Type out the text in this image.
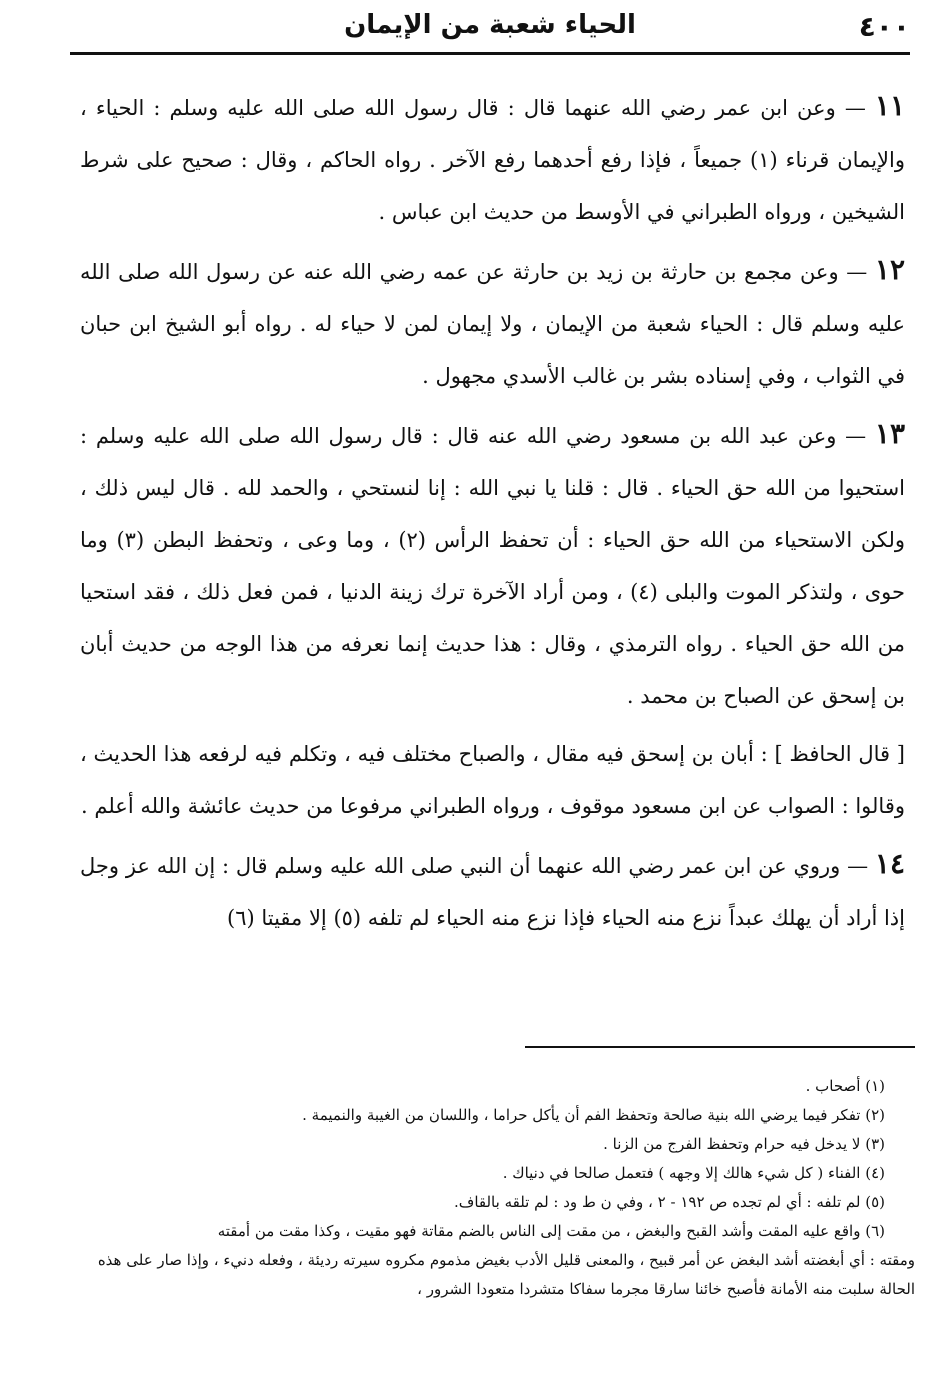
٤٠٠
الحياء شعبة من الإيمان

١١ — وعن ابن عمر رضي الله عنهما قال : قال رسول الله صلى الله عليه وسلم : الحياء ، والإيمان قرناء (١) جميعاً ، فإذا رفع أحدهما رفع الآخر . رواه الحاكم ، وقال : صحيح على شرط الشيخين ، ورواه الطبراني في الأوسط من حديث ابن عباس .

١٢ — وعن مجمع بن حارثة بن زيد بن حارثة عن عمه رضي الله عنه عن رسول الله صلى الله عليه وسلم قال : الحياء شعبة من الإيمان ، ولا إيمان لمن لا حياء له . رواه أبو الشيخ ابن حبان في الثواب ، وفي إسناده بشر بن غالب الأسدي مجهول .

١٣ — وعن عبد الله بن مسعود رضي الله عنه قال : قال رسول الله صلى الله عليه وسلم : استحيوا من الله حق الحياء . قال : قلنا يا نبي الله : إنا لنستحي ، والحمد لله . قال ليس ذلك ، ولكن الاستحياء من الله حق الحياء : أن تحفظ الرأس (٢) ، وما وعى ، وتحفظ البطن (٣) وما حوى ، ولتذكر الموت والبلى (٤) ، ومن أراد الآخرة ترك زينة الدنيا ، فمن فعل ذلك ، فقد استحيا من الله حق الحياء . رواه الترمذي ، وقال : هذا حديث إنما نعرفه من هذا الوجه من حديث أبان بن إسحق عن الصباح بن محمد .

[ قال الحافظ ] : أبان بن إسحق فيه مقال ، والصباح مختلف فيه ، وتكلم فيه لرفعه هذا الحديث ، وقالوا : الصواب عن ابن مسعود موقوف ، ورواه الطبراني مرفوعا من حديث عائشة والله أعلم .

١٤ — وروي عن ابن عمر رضي الله عنهما أن النبي صلى الله عليه وسلم قال : إن الله عز وجل إذا أراد أن يهلك عبداً نزع منه الحياء فإذا نزع منه الحياء لم تلفه (٥) إلا مقيتا (٦)

(١) أصحاب .

(٢) تفكر فيما يرضي الله بنية صالحة وتحفظ الفم أن يأكل حراما ، واللسان من الغيبة والنميمة .

(٣) لا يدخل فيه حرام وتحفظ الفرج من الزنا .

(٤) الفناء ( كل شيء هالك إلا وجهه ) فتعمل صالحا في دنياك .

(٥) لم تلفه : أي لم تجده ص ١٩٢ - ٢ ، وفي ن ط ود : لم تلقه بالقاف.

(٦) واقع عليه المقت وأشد القبح والبغض ، من مقت إلى الناس بالضم مقاتة فهو مقيت ، وكذا مقت من أمقته

ومقته : أي أبغضته أشد البغض عن أمر قبيح ، والمعنى قليل الأدب بغيض مذموم مكروه سيرته رديئة ، وفعله دنيء ، وإذا صار على هذه الحالة سلبت منه الأمانة فأصبح خائنا سارقا مجرما سفاكا متشردا متعودا الشرور ،
